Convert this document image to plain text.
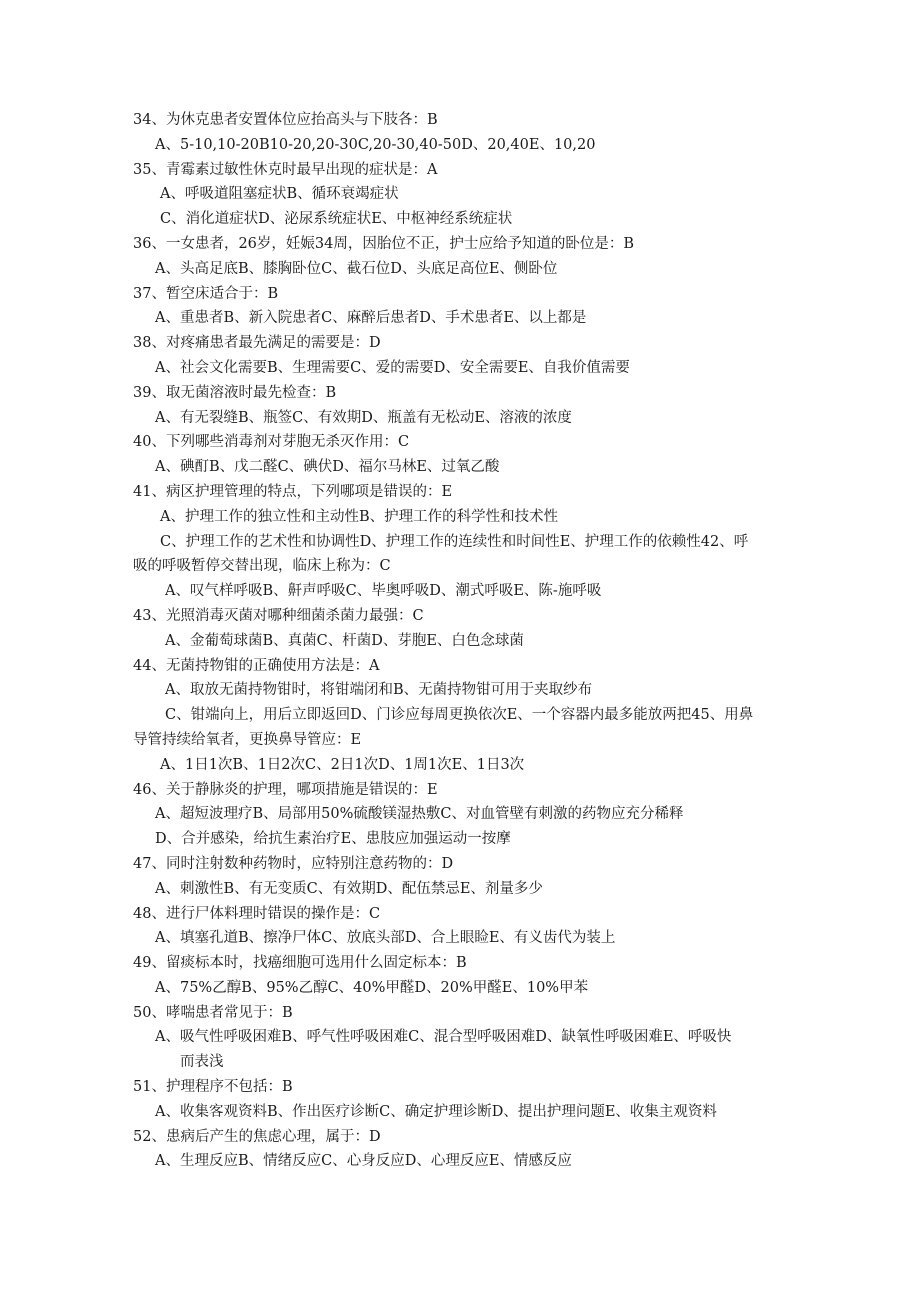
34、为休克患者安置体位应抬高头与下肢各：B
A、5-10,10-20B10-20,20-30C,20-30,40-50D、20,40E、10,20
35、青霉素过敏性休克时最早出现的症状是：A
A、呼吸道阻塞症状B、循环衰竭症状
C、消化道症状D、泌尿系统症状E、中枢神经系统症状
36、一女患者，26岁，妊娠34周，因胎位不正，护士应给予知道的卧位是：B
A、头高足底B、膝胸卧位C、截石位D、头底足高位E、侧卧位
37、暂空床适合于：B
A、重患者B、新入院患者C、麻醉后患者D、手术患者E、以上都是
38、对疼痛患者最先满足的需要是：D
A、社会文化需要B、生理需要C、爱的需要D、安全需要E、自我价值需要
39、取无菌溶液时最先检查：B
A、有无裂缝B、瓶签C、有效期D、瓶盖有无松动E、溶液的浓度
40、下列哪些消毒剂对芽胞无杀灭作用：C
A、碘酊B、戊二醛C、碘伏D、福尔马林E、过氧乙酸
41、病区护理管理的特点，下列哪项是错误的：E
A、护理工作的独立性和主动性B、护理工作的科学性和技术性
C、护理工作的艺术性和协调性D、护理工作的连续性和时间性E、护理工作的依赖性42、呼
吸的呼吸暂停交替出现，临床上称为：C
A、叹气样呼吸B、鼾声呼吸C、毕奥呼吸D、潮式呼吸E、陈-施呼吸
43、光照消毒灭菌对哪种细菌杀菌力最强：C
A、金葡萄球菌B、真菌C、杆菌D、芽胞E、白色念球菌
44、无菌持物钳的正确使用方法是：A
A、取放无菌持物钳时，将钳端闭和B、无菌持物钳可用于夹取纱布
C、钳端向上，用后立即返回D、门诊应每周更换依次E、一个容器内最多能放两把45、用鼻
导管持续给氧者，更换鼻导管应：E
A、1日1次B、1日2次C、2日1次D、1周1次E、1日3次
46、关于静脉炎的护理，哪项措施是错误的：E
A、超短波理疗B、局部用50%硫酸镁湿热敷C、对血管壁有刺激的药物应充分稀释
D、合并感染，给抗生素治疗E、患肢应加强运动一按摩
47、同时注射数种药物时，应特别注意药物的：D
A、刺激性B、有无变质C、有效期D、配伍禁忌E、剂量多少
48、进行尸体料理时错误的操作是：C
A、填塞孔道B、擦净尸体C、放底头部D、合上眼睑E、有义齿代为装上
49、留痰标本时，找癌细胞可选用什么固定标本：B
A、75%乙醇B、95%乙醇C、40%甲醛D、20%甲醛E、10%甲苯
50、哮喘患者常见于：B
A、吸气性呼吸困难B、呼气性呼吸困难C、混合型呼吸困难D、缺氧性呼吸困难E、呼吸快
而表浅
51、护理程序不包括：B
A、收集客观资料B、作出医疗诊断C、确定护理诊断D、提出护理问题E、收集主观资料
52、患病后产生的焦虑心理，属于：D
A、生理反应B、情绪反应C、心身反应D、心理反应E、情感反应
